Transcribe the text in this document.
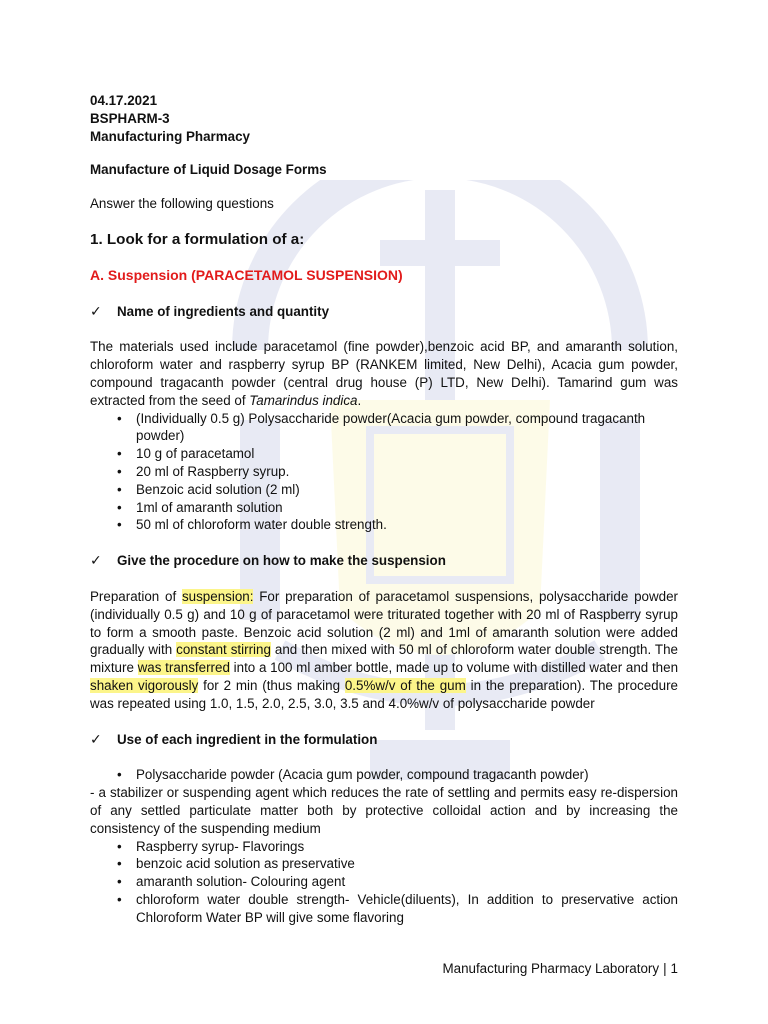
04.17.2021

BSPHARM-3

Manufacturing Pharmacy

Manufacture of Liquid Dosage Forms

Answer the following questions

1. Look for a formulation of a:

A. Suspension (PARACETAMOL SUSPENSION)

✓	Name of ingredients and quantity

The materials used include paracetamol (fine powder),benzoic acid BP, and amaranth solution, chloroform water and raspberry syrup BP (RANKEM limited, New Delhi), Acacia gum powder, compound tragacanth powder (central drug house (P) LTD, New Delhi). Tamarind gum was extracted from the seed of Tamarindus indica.

• (Individually 0.5 g) Polysaccharide powder(Acacia gum powder, compound tragacanth powder)
• 10 g of paracetamol
• 20 ml of Raspberry syrup.
• Benzoic acid solution (2 ml)
• 1ml of amaranth solution
• 50 ml of chloroform water double strength.

✓	Give the procedure on how to make the suspension

Preparation of suspension: For preparation of paracetamol suspensions, polysaccharide powder (individually 0.5 g) and 10 g of paracetamol were triturated together with 20 ml of Raspberry syrup to form a smooth paste. Benzoic acid solution (2 ml) and 1ml of amaranth solution were added gradually with constant stirring and then mixed with 50 ml of chloroform water double strength. The mixture was transferred into a 100 ml amber bottle, made up to volume with distilled water and then shaken vigorously for 2 min (thus making 0.5%w/v of the gum in the preparation). The procedure was repeated using 1.0, 1.5, 2.0, 2.5, 3.0, 3.5 and 4.0%w/v of polysaccharide powder

✓	Use of each ingredient in the formulation

• Polysaccharide powder (Acacia gum powder, compound tragacanth powder)

- a stabilizer or suspending agent which reduces the rate of settling and permits easy re-dispersion of any settled particulate matter both by protective colloidal action and by increasing the consistency of the suspending medium

• Raspberry syrup- Flavorings
• benzoic acid solution as preservative
• amaranth solution- Colouring agent
• chloroform water double strength- Vehicle(diluents), In addition to preservative action Chloroform Water BP will give some flavoring
Manufacturing Pharmacy Laboratory | 1
